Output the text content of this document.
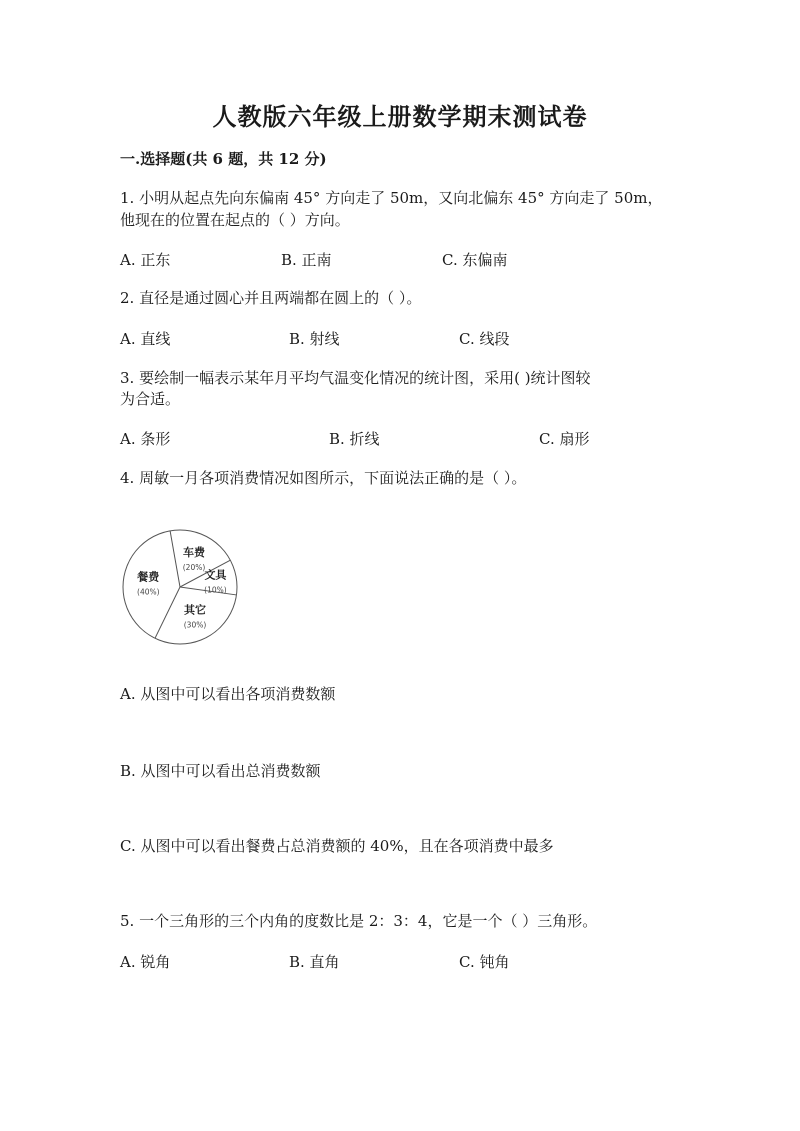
人教版六年级上册数学期末测试卷
一.选择题(共 6 题，共 12 分)
1. 小明从起点先向东偏南 45° 方向走了 50m，又向北偏东 45° 方向走了 50m，
他现在的位置在起点的（ ）方向。
A. 正东	B. 正南	C. 东偏南
2. 直径是通过圆心并且两端都在圆上的（ ）。
A. 直线	B. 射线	C. 线段
3. 要绘制一幅表示某年月平均气温变化情况的统计图，采用( )统计图较
为合适。
A. 条形	B. 折线	C. 扇形
4. 周敏一月各项消费情况如图所示，下面说法正确的是（ ）。
餐费
(40%)
车费
(20%)
文具
(10%)
其它
(30%)
A. 从图中可以看出各项消费数额
B. 从图中可以看出总消费数额
C. 从图中可以看出餐费占总消费额的 40%，且在各项消费中最多
5. 一个三角形的三个内角的度数比是 2：3：4，它是一个（ ）三角形。
A. 锐角	B. 直角	C. 钝角
